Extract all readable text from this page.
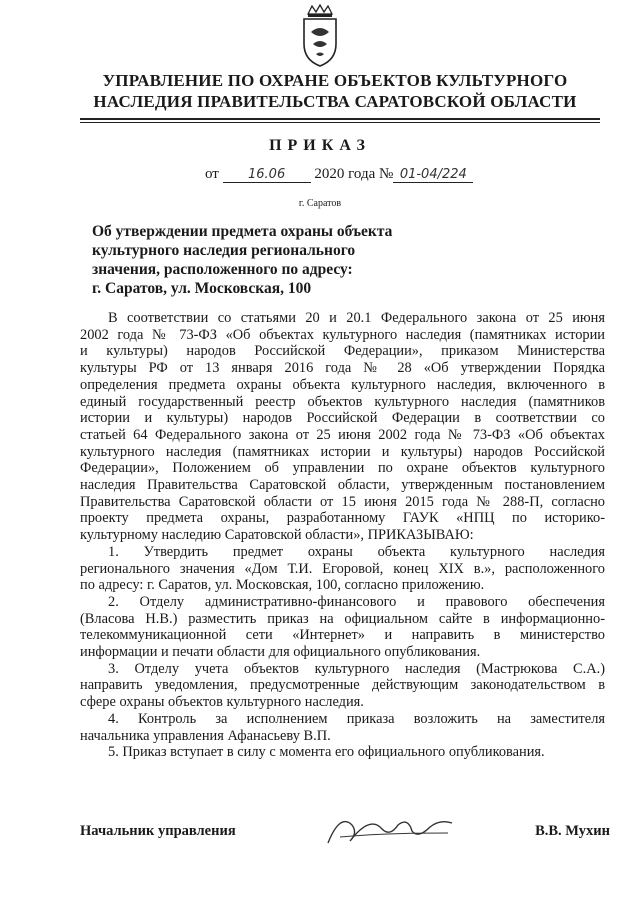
УПРАВЛЕНИЕ ПО ОХРАНЕ ОБЪЕКТОВ КУЛЬТУРНОГО
НАСЛЕДИЯ ПРАВИТЕЛЬСТВА САРАТОВСКОЙ ОБЛАСТИ
ПРИКАЗ
от 16.06 2020 года № 01-04/224
г. Саратов
Об утверждении предмета охраны объекта
культурного наследия регионального
значения, расположенного по адресу:
г. Саратов, ул. Московская, 100

В соответствии со статьями 20 и 20.1 Федерального закона от 25 июня

2002 года № 73-ФЗ «Об объектах культурного наследия (памятниках истории

и культуры) народов Российской Федерации», приказом Министерства

культуры РФ от 13 января 2016 года № 28 «Об утверждении Порядка

определения предмета охраны объекта культурного наследия, включенного в

единый государственный реестр объектов культурного наследия (памятников

истории и культуры) народов Российской Федерации в соответствии со

статьей 64 Федерального закона от 25 июня 2002 года № 73-ФЗ «Об объектах

культурного наследия (памятниках истории и культуры) народов Российской

Федерации», Положением об управлении по охране объектов культурного

наследия Правительства Саратовской области, утвержденным постановлением

Правительства Саратовской области от 15 июня 2015 года № 288-П, согласно

проекту предмета охраны, разработанному ГАУК «НПЦ по историко-

культурному наследию Саратовской области», ПРИКАЗЫВАЮ:

1. Утвердить предмет охраны объекта культурного наследия

регионального значения «Дом Т.И. Егоровой, конец XIX в.», расположенного

по адресу: г. Саратов, ул. Московская, 100, согласно приложению.

2. Отделу административно-финансового и правового обеспечения

(Власова Н.В.) разместить приказ на официальном сайте в информационно-

телекоммуникационной сети «Интернет» и направить в министерство

информации и печати области для официального опубликования.

3. Отделу учета объектов культурного наследия (Мастрюкова С.А.)

направить уведомления, предусмотренные действующим законодательством в

сфере охраны объектов культурного наследия.

4. Контроль за исполнением приказа возложить на заместителя

начальника управления Афанасьеву В.П.

5. Приказ вступает в силу с момента его официального опубликования.

Начальник управления	В.В. Мухин
